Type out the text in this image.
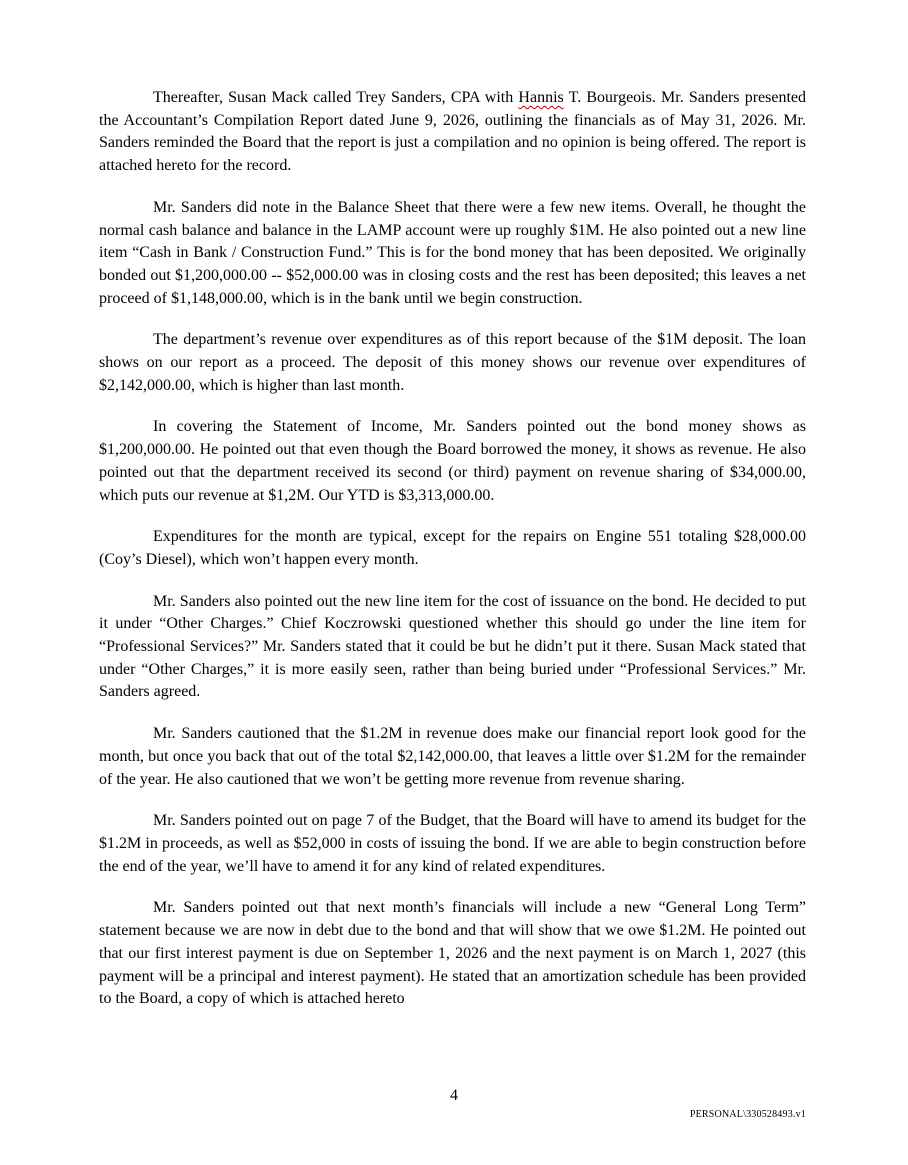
Thereafter, Susan Mack called Trey Sanders, CPA with Hannis T. Bourgeois. Mr. Sanders presented the Accountant’s Compilation Report dated June 9, 2026, outlining the financials as of May 31, 2026. Mr. Sanders reminded the Board that the report is just a compilation and no opinion is being offered. The report is attached hereto for the record.

Mr. Sanders did note in the Balance Sheet that there were a few new items. Overall, he thought the normal cash balance and balance in the LAMP account were up roughly $1M. He also pointed out a new line item “Cash in Bank / Construction Fund.” This is for the bond money that has been deposited. We originally bonded out $1,200,000.00 -- $52,000.00 was in closing costs and the rest has been deposited; this leaves a net proceed of $1,148,000.00, which is in the bank until we begin construction.

The department’s revenue over expenditures as of this report because of the $1M deposit. The loan shows on our report as a proceed. The deposit of this money shows our revenue over expenditures of $2,142,000.00, which is higher than last month.

In covering the Statement of Income, Mr. Sanders pointed out the bond money shows as $1,200,000.00. He pointed out that even though the Board borrowed the money, it shows as revenue. He also pointed out that the department received its second (or third) payment on revenue sharing of $34,000.00, which puts our revenue at $1,2M. Our YTD is $3,313,000.00.

Expenditures for the month are typical, except for the repairs on Engine 551 totaling $28,000.00 (Coy’s Diesel), which won’t happen every month.

Mr. Sanders also pointed out the new line item for the cost of issuance on the bond. He decided to put it under “Other Charges.” Chief Koczrowski questioned whether this should go under the line item for “Professional Services?” Mr. Sanders stated that it could be but he didn’t put it there. Susan Mack stated that under “Other Charges,” it is more easily seen, rather than being buried under “Professional Services.” Mr. Sanders agreed.

Mr. Sanders cautioned that the $1.2M in revenue does make our financial report look good for the month, but once you back that out of the total $2,142,000.00, that leaves a little over $1.2M for the remainder of the year. He also cautioned that we won’t be getting more revenue from revenue sharing.

Mr. Sanders pointed out on page 7 of the Budget, that the Board will have to amend its budget for the $1.2M in proceeds, as well as $52,000 in costs of issuing the bond. If we are able to begin construction before the end of the year, we’ll have to amend it for any kind of related expenditures.

Mr. Sanders pointed out that next month’s financials will include a new “General Long Term” statement because we are now in debt due to the bond and that will show that we owe $1.2M. He pointed out that our first interest payment is due on September 1, 2026 and the next payment is on March 1, 2027 (this payment will be a principal and interest payment). He stated that an amortization schedule has been provided to the Board, a copy of which is attached hereto

4
PERSONAL\330528493.v1
